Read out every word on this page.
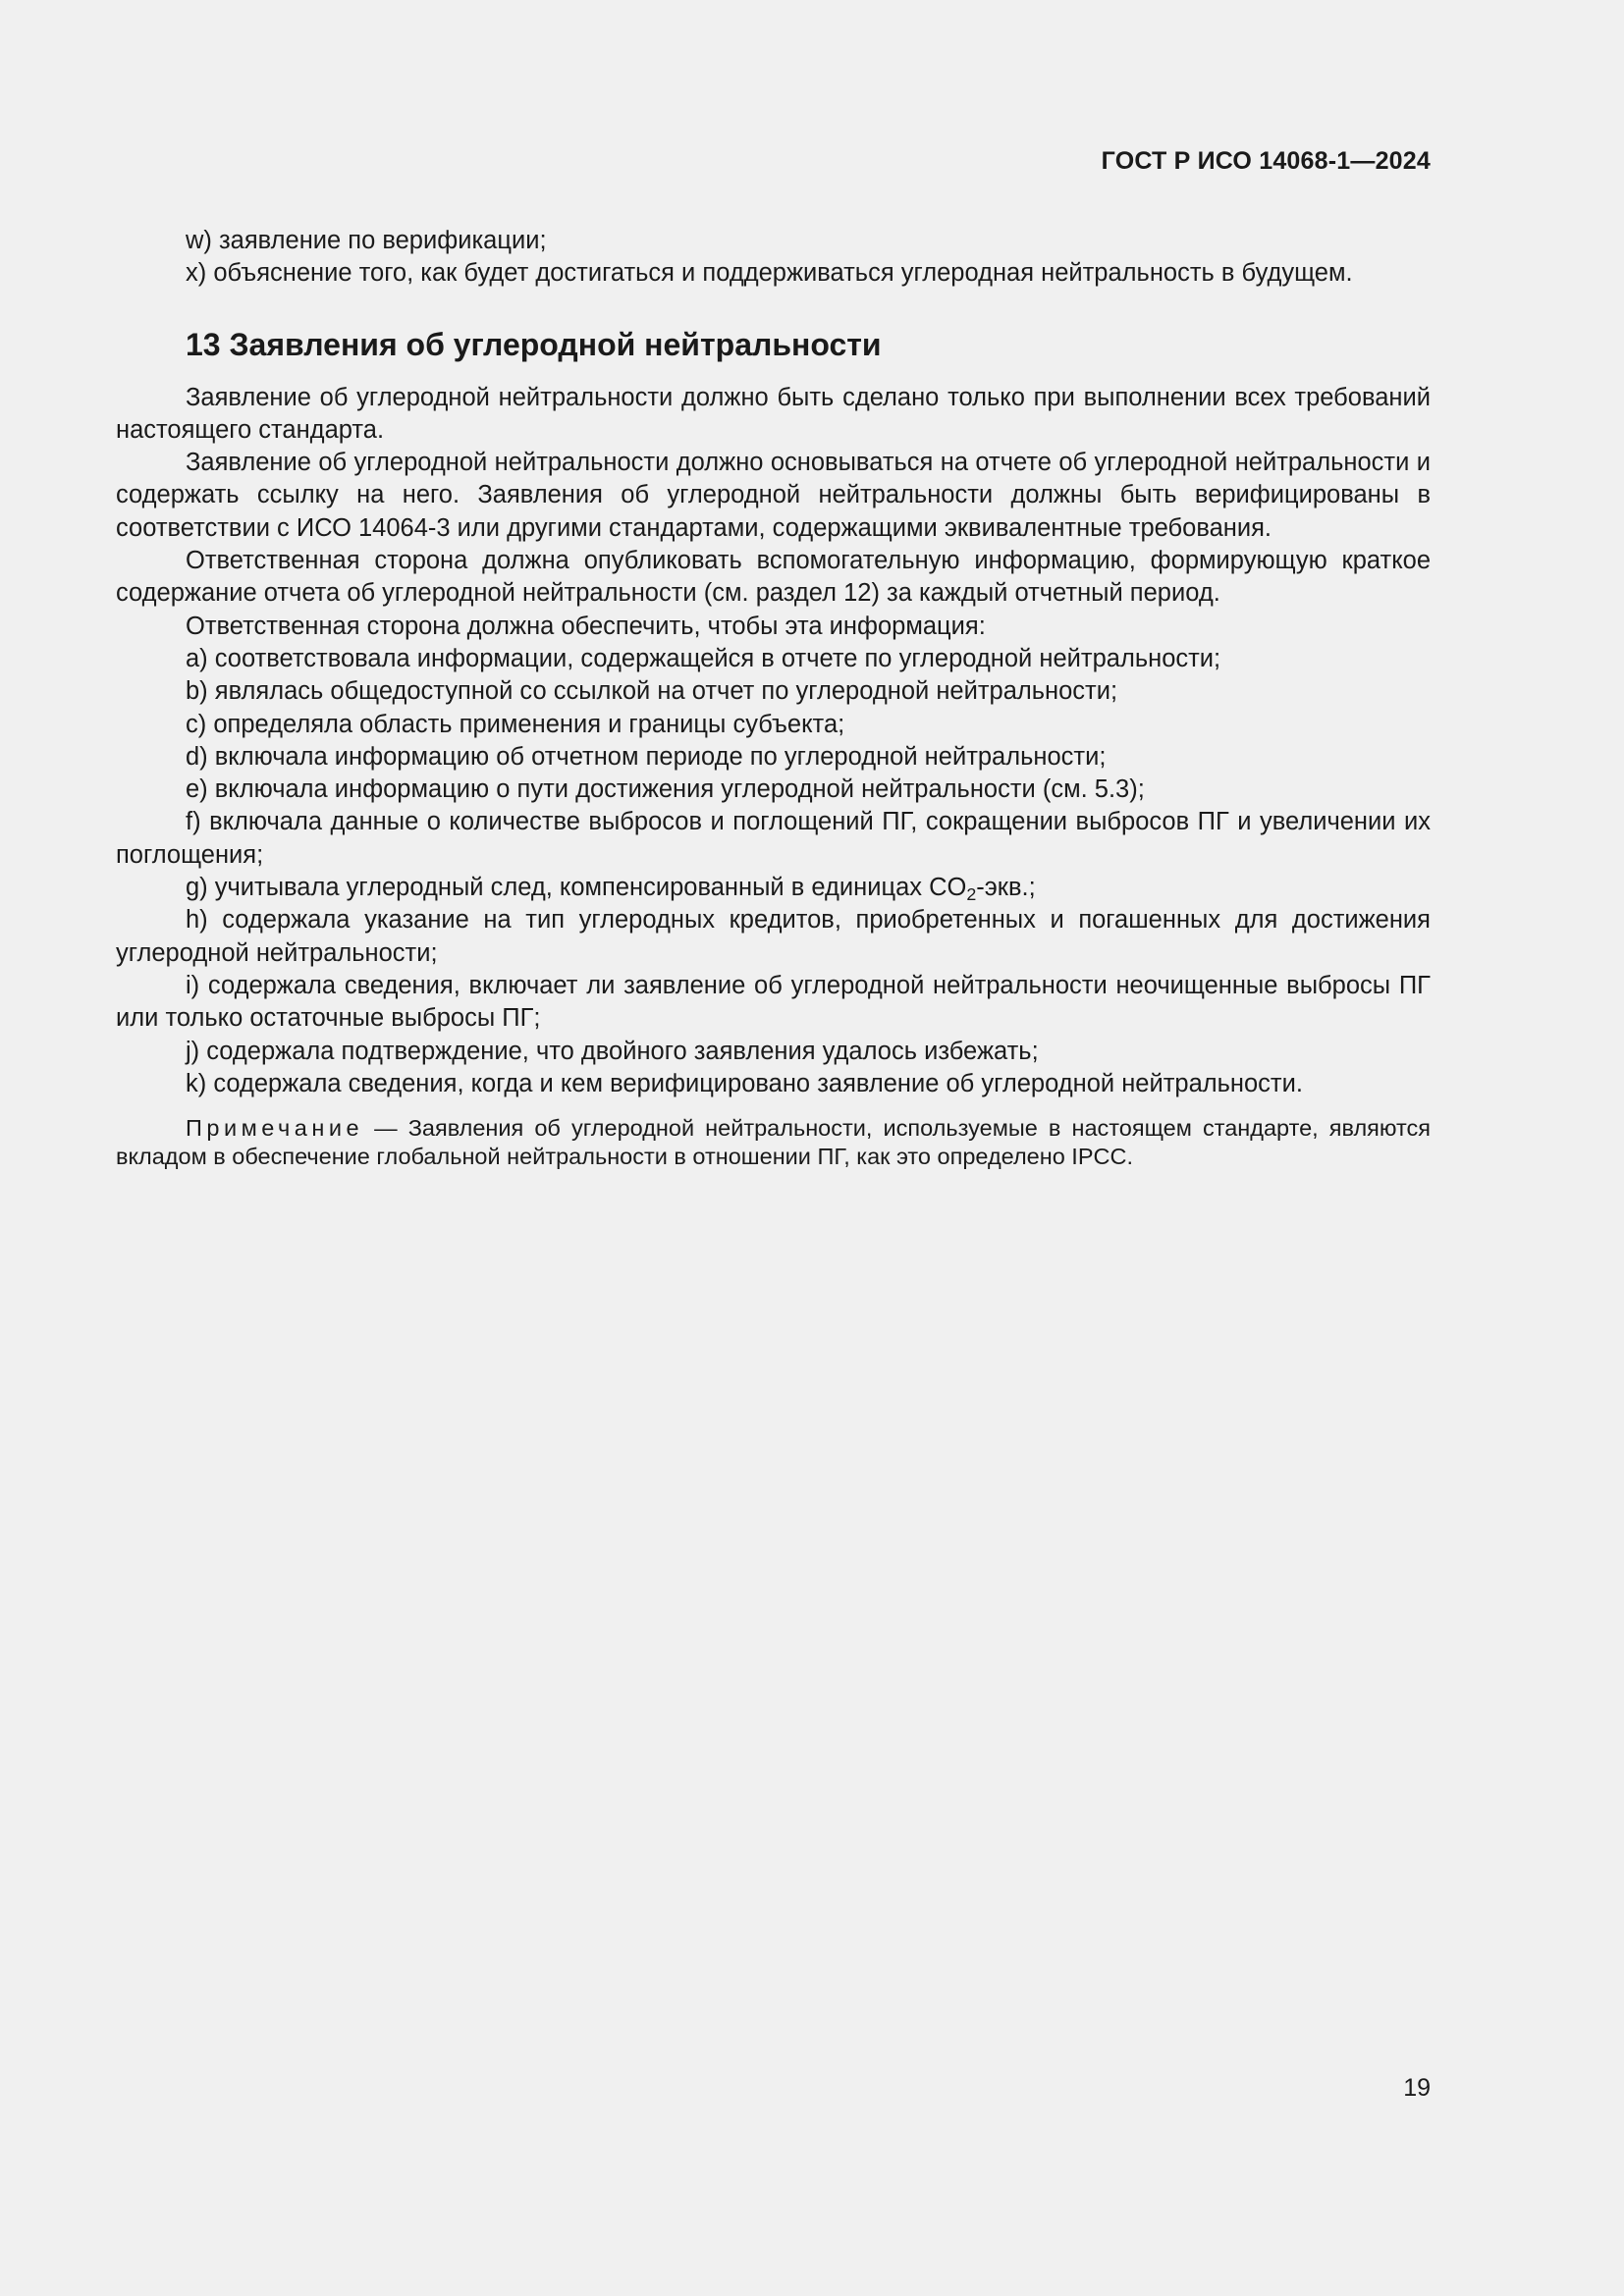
ГОСТ Р ИСО 14068-1—2024

w) заявление по верификации;

x) объяснение того, как будет достигаться и поддерживаться углеродная нейтральность в будущем.

13 Заявления об углеродной нейтральности

Заявление об углеродной нейтральности должно быть сделано только при выполнении всех требований настоящего стандарта.

Заявление об углеродной нейтральности должно основываться на отчете об углеродной нейтральности и содержать ссылку на него. Заявления об углеродной нейтральности должны быть верифицированы в соответствии с ИСО 14064-3 или другими стандартами, содержащими эквивалентные требования.

Ответственная сторона должна опубликовать вспомогательную информацию, формирующую краткое содержание отчета об углеродной нейтральности (см. раздел 12) за каждый отчетный период.

Ответственная сторона должна обеспечить, чтобы эта информация:

a) соответствовала информации, содержащейся в отчете по углеродной нейтральности;

b) являлась общедоступной со ссылкой на отчет по углеродной нейтральности;

c) определяла область применения и границы субъекта;

d) включала информацию об отчетном периоде по углеродной нейтральности;

e) включала информацию о пути достижения углеродной нейтральности (см. 5.3);

f) включала данные о количестве выбросов и поглощений ПГ, сокращении выбросов ПГ и увеличении их поглощения;

g) учитывала углеродный след, компенсированный в единицах $CO_2$-экв.;

h) содержала указание на тип углеродных кредитов, приобретенных и погашенных для достижения углеродной нейтральности;

i) содержала сведения, включает ли заявление об углеродной нейтральности неочищенные выбросы ПГ или только остаточные выбросы ПГ;

j) содержала подтверждение, что двойного заявления удалось избежать;

k) содержала сведения, когда и кем верифицировано заявление об углеродной нейтральности.

Примечание — Заявления об углеродной нейтральности, используемые в настоящем стандарте, являются вкладом в обеспечение глобальной нейтральности в отношении ПГ, как это определено IPCC.

19
